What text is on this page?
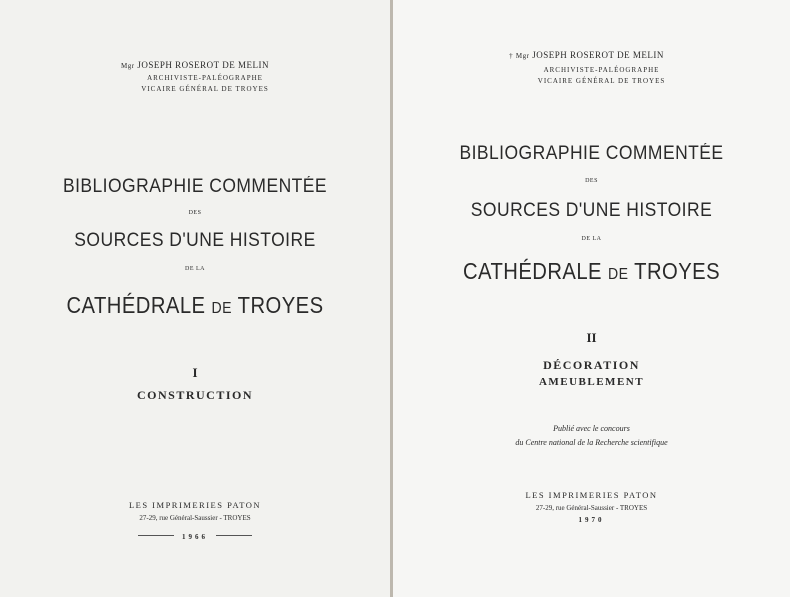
Mgr JOSEPH ROSEROT DE MELIN
ARCHIVISTE-PALÉOGRAPHE
VICAIRE GÉNÉRAL DE TROYES
BIBLIOGRAPHIE COMMENTÉE
DES
SOURCES D'UNE HISTOIRE
DE LA
CATHÉDRALE DE TROYES
I
CONSTRUCTION
LES IMPRIMERIES PATON
27-29, rue Général-Saussier - TROYES
1966
† Mgr JOSEPH ROSEROT DE MELIN
ARCHIVISTE-PALÉOGRAPHE
VICAIRE GÉNÉRAL DE TROYES
BIBLIOGRAPHIE COMMENTÉE
DES
SOURCES D'UNE HISTOIRE
DE LA
CATHÉDRALE DE TROYES
II
DÉCORATION
AMEUBLEMENT
Publié avec le concours
du Centre national de la Recherche scientifique
LES IMPRIMERIES PATON
27-29, rue Général-Saussier - TROYES
1970
